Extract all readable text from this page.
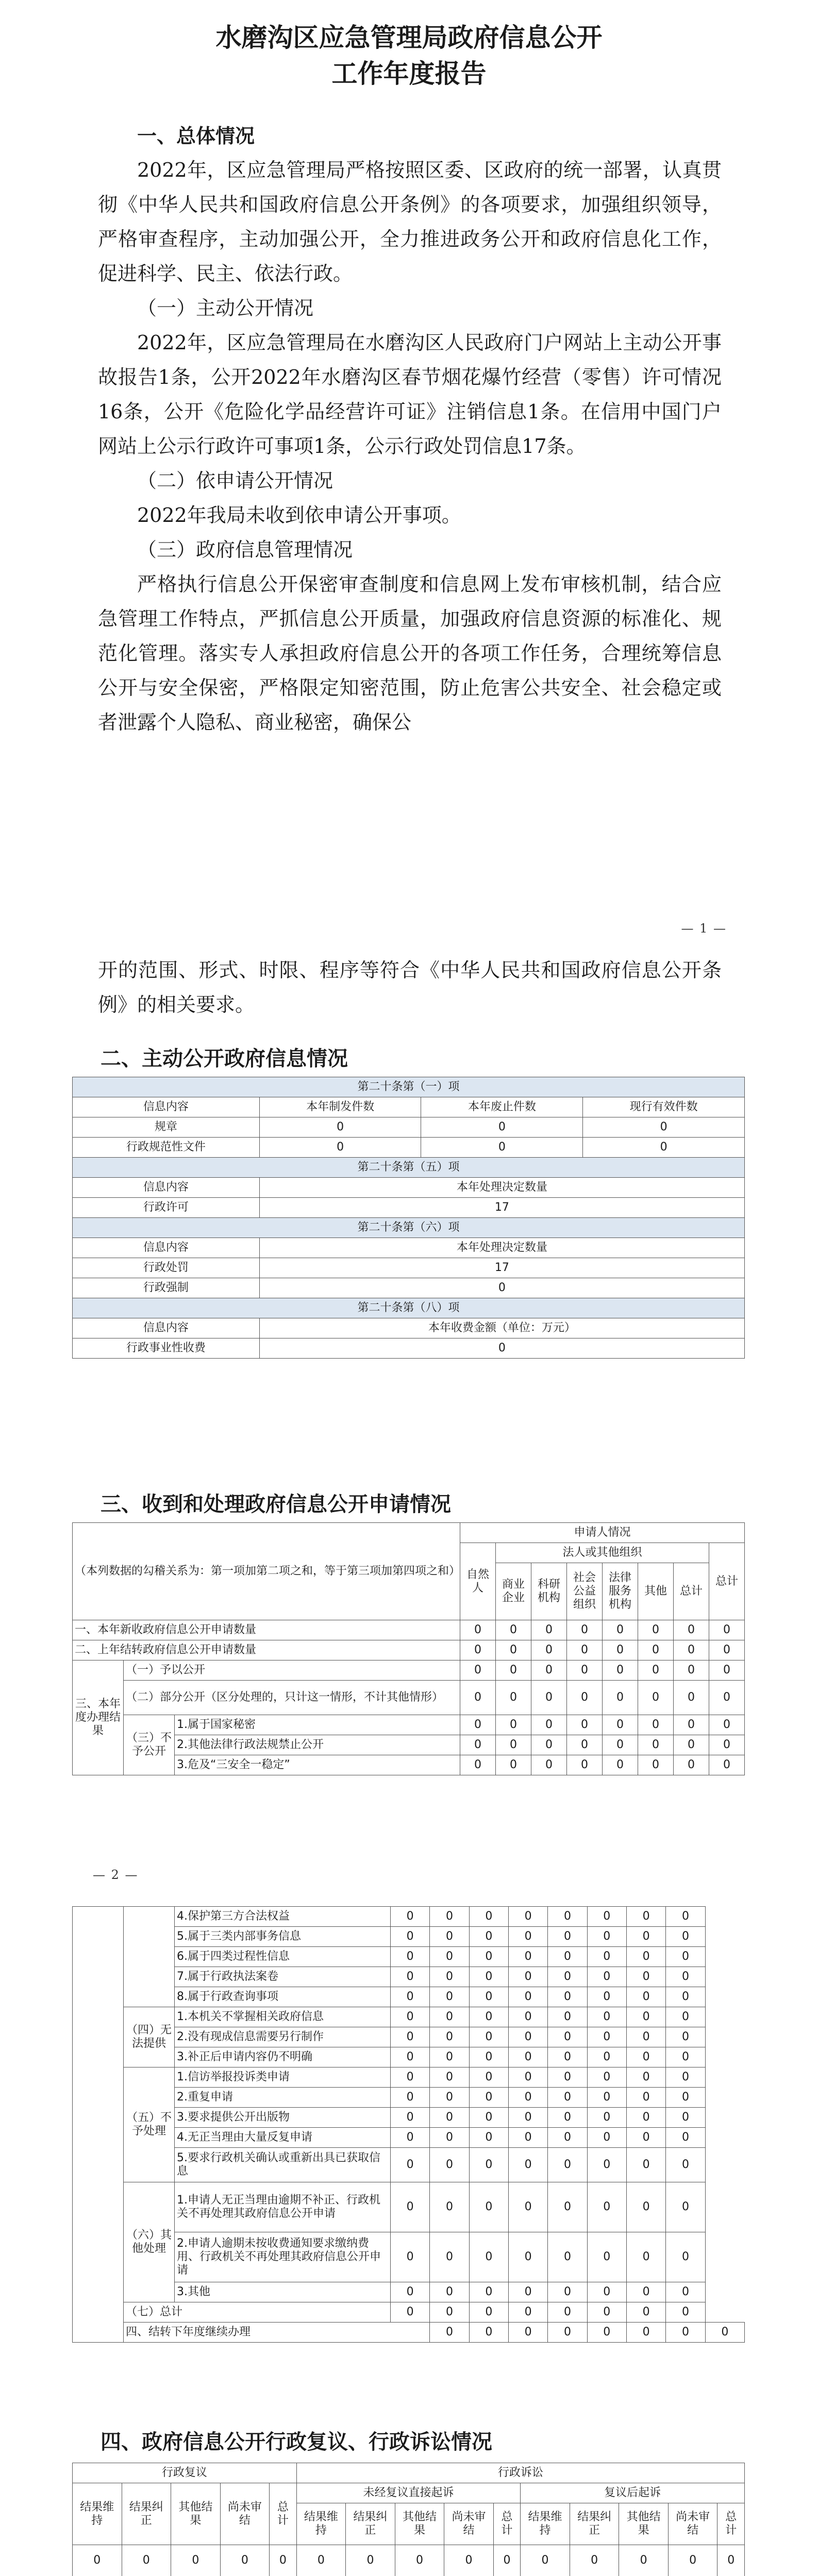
水磨沟区应急管理局政府信息公开
工作年度报告

一、总体情况

2022年，区应急管理局严格按照区委、区政府的统一部署，认真贯彻《中华人民共和国政府信息公开条例》的各项要求，加强组织领导，严格审查程序，主动加强公开，全力推进政务公开和政府信息化工作，促进科学、民主、依法行政。

（一）主动公开情况

2022年，区应急管理局在水磨沟区人民政府门户网站上主动公开事故报告1条，公开2022年水磨沟区春节烟花爆竹经营（零售）许可情况16条，公开《危险化学品经营许可证》注销信息1条。在信用中国门户网站上公示行政许可事项1条，公示行政处罚信息17条。

（二）依申请公开情况

2022年我局未收到依申请公开事项。

（三）政府信息管理情况

严格执行信息公开保密审查制度和信息网上发布审核机制，结合应急管理工作特点，严抓信息公开质量，加强政府信息资源的标准化、规范化管理。落实专人承担政府信息公开的各项工作任务，合理统筹信息公开与安全保密，严格限定知密范围，防止危害公共安全、社会稳定或者泄露个人隐私、商业秘密，确保公

— 1 —

开的范围、形式、时限、程序等符合《中华人民共和国政府信息公开条例》的相关要求。

二、主动公开政府信息情况

第二十条第（一）项			
信息内容	本年制发件数	本年废止件数	现行有效件数
规章	0	0	0
行政规范性文件	0	0	0
第二十条第（五）项			
信息内容	本年处理决定数量		
行政许可	17		
第二十条第（六）项			
信息内容	本年处理决定数量		
行政处罚	17		
行政强制	0		
第二十条第（八）项			
信息内容	本年收费金额（单位：万元）		
行政事业性收费	0		

三、收到和处理政府信息公开申请情况

（本列数据的勾稽关系为：第一项加第二项之和，等于第三项加第四项之和）			申请人情况							
			自然人	法人或其他组织						总计
				商业企业	科研机构	社会公益组织	法律服务机构	其他	总计	
一、本年新收政府信息公开申请数量			0	0	0	0	0	0	0	0
二、上年结转政府信息公开申请数量			0	0	0	0	0	0	0	0
三、本年度办理结果	（一）予以公开		0	0	0	0	0	0	0	0
	（二）部分公开（区分处理的，只计这一情形，不计其他情形）		0	0	0	0	0	0	0	0
	（三）不予公开	1.属于国家秘密	0	0	0	0	0	0	0	0
		2.其他法律行政法规禁止公开	0	0	0	0	0	0	0	0
		3.危及“三安全一稳定”	0	0	0	0	0	0	0	0
— 2 —
		4.保护第三方合法权益	0	0	0	0	0	0	0	0	
		5.属于三类内部事务信息	0	0	0	0	0	0	0	0	
		6.属于四类过程性信息	0	0	0	0	0	0	0	0	
		7.属于行政执法案卷	0	0	0	0	0	0	0	0	
		8.属于行政查询事项	0	0	0	0	0	0	0	0	
	（四）无法提供	1.本机关不掌握相关政府信息	0	0	0	0	0	0	0	0	
		2.没有现成信息需要另行制作	0	0	0	0	0	0	0	0	
		3.补正后申请内容仍不明确	0	0	0	0	0	0	0	0	
	（五）不予处理	1.信访举报投诉类申请	0	0	0	0	0	0	0	0	
		2.重复申请	0	0	0	0	0	0	0	0	
		3.要求提供公开出版物	0	0	0	0	0	0	0	0	
		4.无正当理由大量反复申请	0	0	0	0	0	0	0	0	
		5.要求行政机关确认或重新出具已获取信息	0	0	0	0	0	0	0	0	
	（六）其他处理	1.申请人无正当理由逾期不补正、行政机关不再处理其政府信息公开申请	0	0	0	0	0	0	0	0	
		2.申请人逾期未按收费通知要求缴纳费用、行政机关不再处理其政府信息公开申请	0	0	0	0	0	0	0	0	
		3.其他	0	0	0	0	0	0	0	0	
	（七）总计		0	0	0	0	0	0	0	0	
	四、结转下年度继续办理			0	0	0	0	0	0	0	0

四、政府信息公开行政复议、行政诉讼情况

行政复议					行政诉讼									
结果维持	结果纠正	其他结果	尚未审结	总计	未经复议直接起诉					复议后起诉				
					结果维持	结果纠正	其他结果	尚未审结	总计	结果维持	结果纠正	其他结果	尚未审结	总计
0	0	0	0	0	0	0	0	0	0	0	0	0	0	0
